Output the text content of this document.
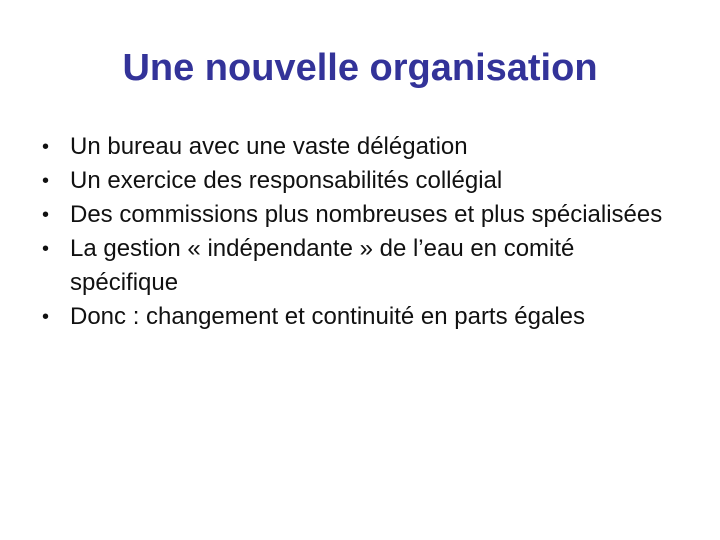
Une nouvelle organisation
• Un bureau avec une vaste délégation
• Un exercice des responsabilités collégial
• Des commissions plus nombreuses et plus spécialisées
• La gestion « indépendante » de l’eau en comité spécifique
• Donc : changement et continuité en parts égales
